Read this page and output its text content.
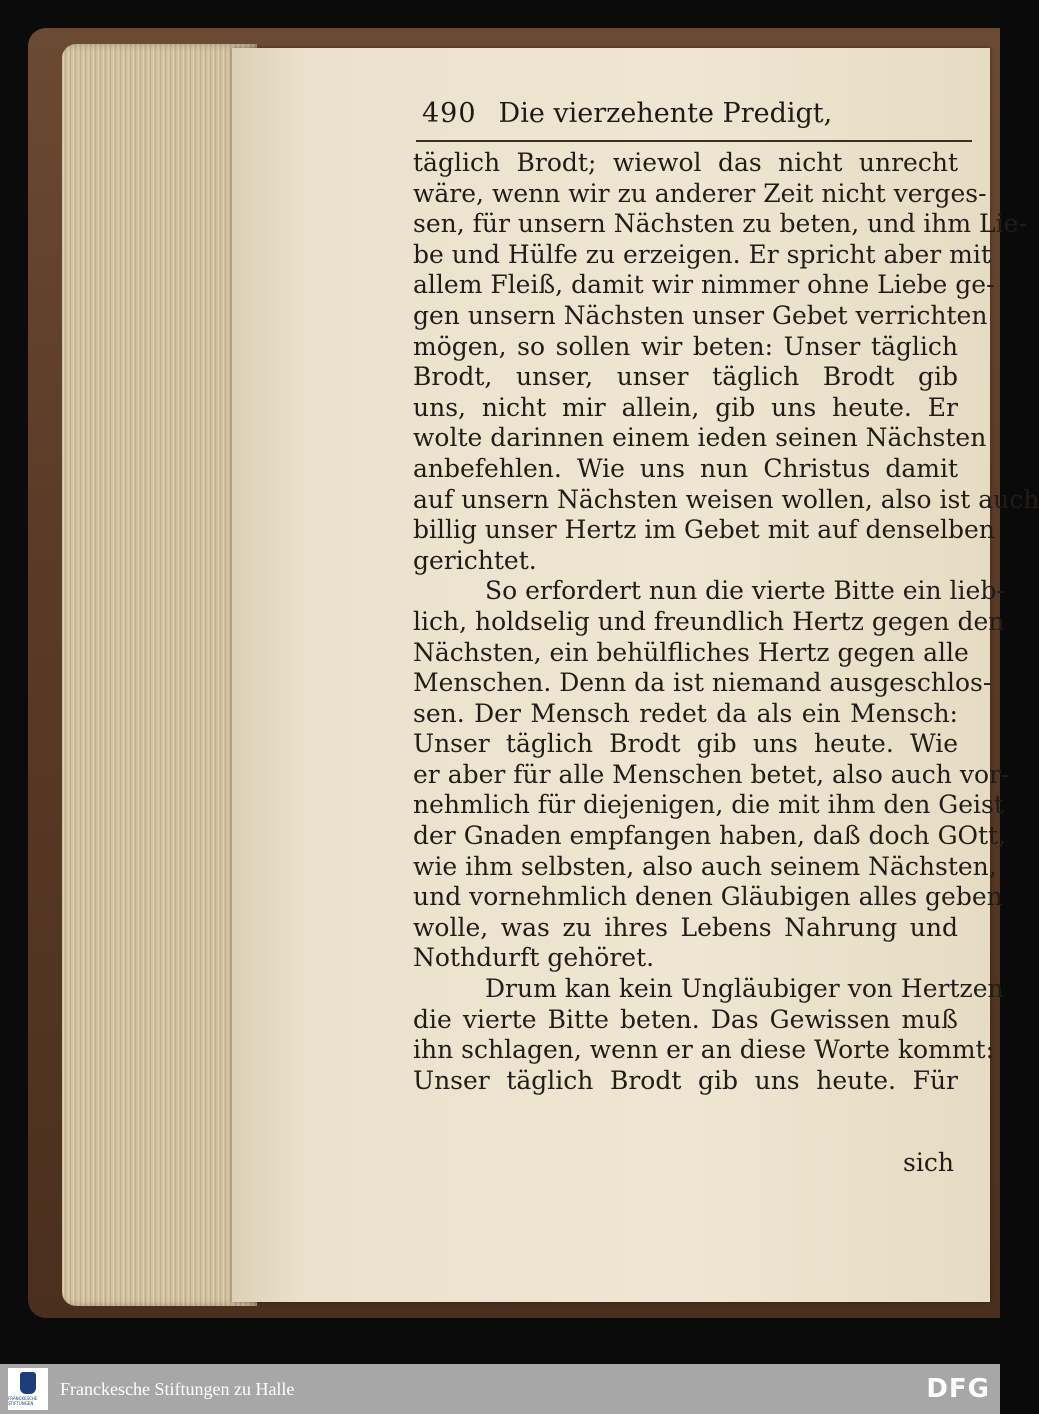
490 Die vierzehente Predigt,
täglich Brodt; wiewol das nicht unrecht
wäre, wenn wir zu anderer Zeit nicht verges-
sen, für unsern Nächsten zu beten, und ihm Lie-
be und Hülfe zu erzeigen. Er spricht aber mit
allem Fleiß, damit wir nimmer ohne Liebe ge-
gen unsern Nächsten unser Gebet verrichten
mögen, so sollen wir beten: Unser täglich
Brodt, unser, unser täglich Brodt gib
uns, nicht mir allein, gib uns heute. Er
wolte darinnen einem ieden seinen Nächsten
anbefehlen. Wie uns nun Christus damit
auf unsern Nächsten weisen wollen, also ist auch
billig unser Hertz im Gebet mit auf denselben
gerichtet.
So erfordert nun die vierte Bitte ein lieb-
lich, holdselig und freundlich Hertz gegen den
Nächsten, ein behülfliches Hertz gegen alle
Menschen. Denn da ist niemand ausgeschlos-
sen. Der Mensch redet da als ein Mensch:
Unser täglich Brodt gib uns heute. Wie
er aber für alle Menschen betet, also auch vor-
nehmlich für diejenigen, die mit ihm den Geist
der Gnaden empfangen haben, daß doch GOtt,
wie ihm selbsten, also auch seinem Nächsten,
und vornehmlich denen Gläubigen alles geben
wolle, was zu ihres Lebens Nahrung und
Nothdurft gehöret.
Drum kan kein Ungläubiger von Hertzen
die vierte Bitte beten. Das Gewissen muß
ihn schlagen, wenn er an diese Worte kommt:
Unser täglich Brodt gib uns heute. Für
sich
FRANCKESCHE STIFTUNGEN
Franckesche Stiftungen zu Halle	DFG
